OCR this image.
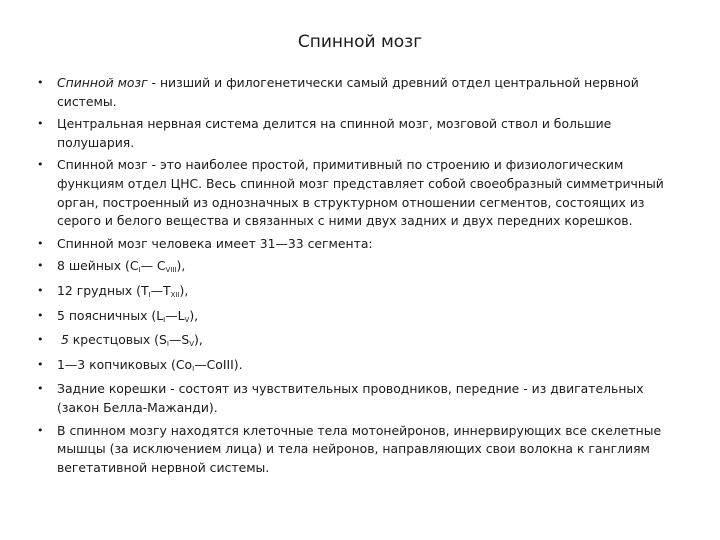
Спинной мозг
• Спинной мозг - низший и филогенетически самый древний отдел центральной нервной системы.
• Центральная нервная система делится на спинной мозг, мозговой ствол и большие полушария.
• Спинной мозг - это наиболее простой, примитивный по строению и физиологическим функциям отдел ЦНС. Весь спинной мозг представляет собой своеобразный симметричный орган, построенный из однозначных в структурном отношении сегментов, состоящих из серого и белого вещества и связанных с ними двух задних и двух передних корешков.
• Спинной мозг человека имеет 31—33 сегмента:
• 8 шейных ($C_I—$ $C_{VIII}$),
• 12 грудных $(T_I—T_{XII})$,
• 5 поясничных $(L_I—L_V)$,
• 5 крестцовых $(S_I—S_V)$,
• 1—3 копчиковых $(Co_I—CoIII)$.
• Задние корешки - состоят из чувствительных проводников, передние - из двигательных (закон Белла-Мажанди).
• В спинном мозгу находятся клеточные тела мотонейронов, иннервирующих все скелетные мышцы (за исключением лица) и тела нейронов, направляющих свои волокна к ганглиям вегетативной нервной системы.
